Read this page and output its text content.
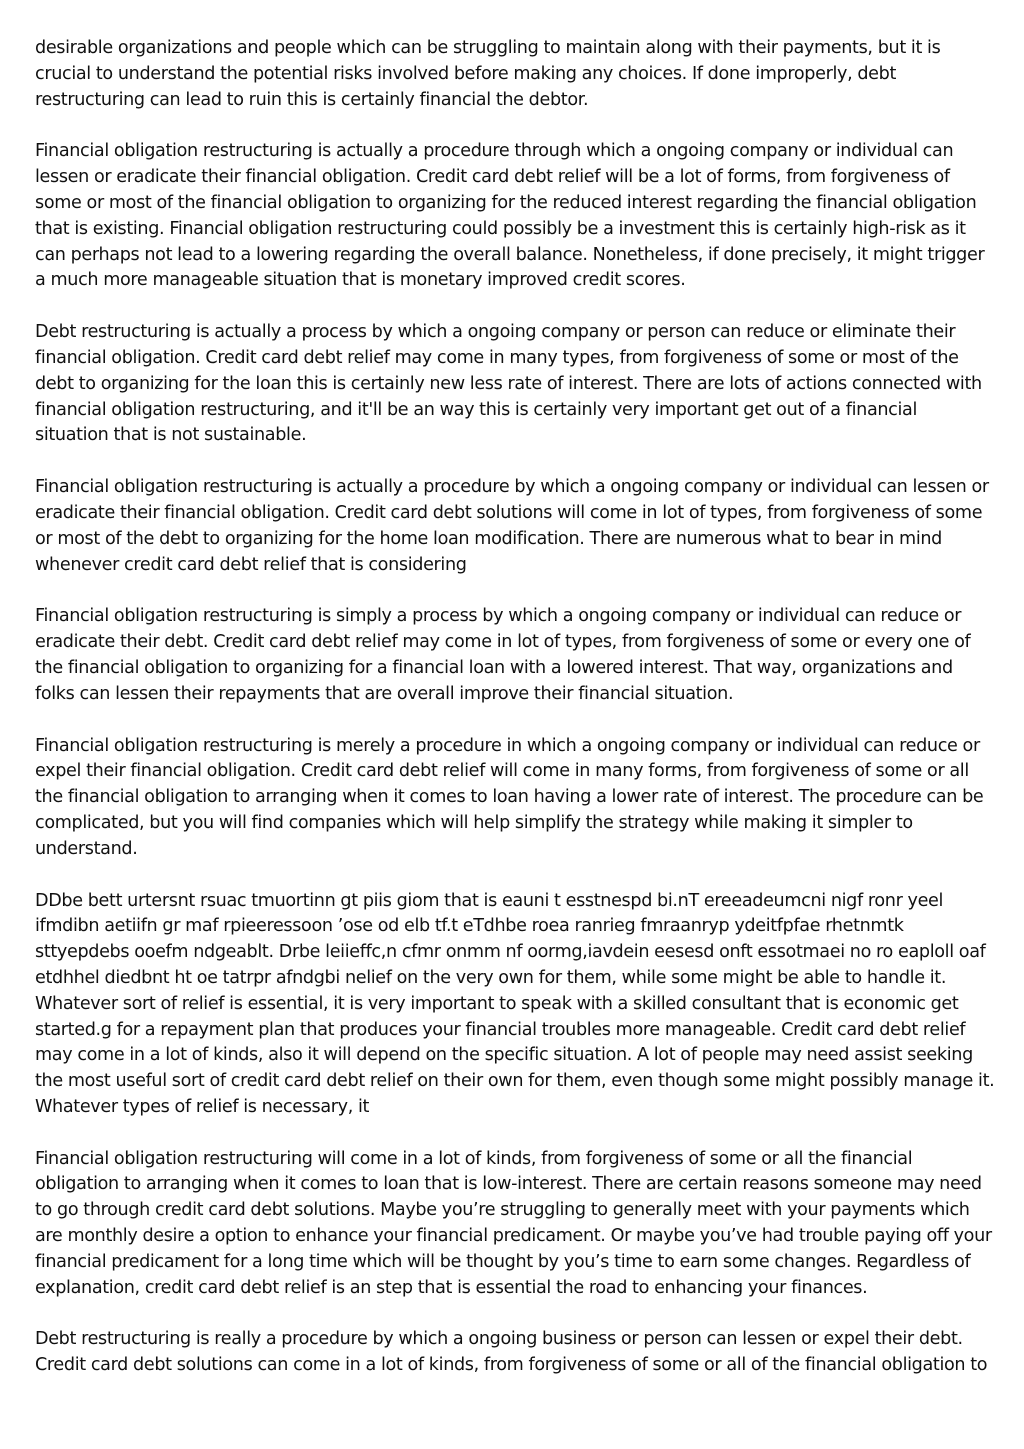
desirable organizations and people which can be struggling to maintain along with their payments, but it is crucial to understand the potential risks involved before making any choices. If done improperly, debt restructuring can lead to ruin this is certainly financial the debtor.

Financial obligation restructuring is actually a procedure through which a ongoing company or individual can lessen or eradicate their financial obligation. Credit card debt relief will be a lot of forms, from forgiveness of some or most of the financial obligation to organizing for the reduced interest regarding the financial obligation that is existing. Financial obligation restructuring could possibly be a investment this is certainly high-risk as it can perhaps not lead to a lowering regarding the overall balance. Nonetheless, if done precisely, it might trigger a much more manageable situation that is monetary improved credit scores.

Debt restructuring is actually a process by which a ongoing company or person can reduce or eliminate their financial obligation. Credit card debt relief may come in many types, from forgiveness of some or most of the debt to organizing for the loan this is certainly new less rate of interest. There are lots of actions connected with financial obligation restructuring, and it'll be an way this is certainly very important get out of a financial situation that is not sustainable.

Financial obligation restructuring is actually a procedure by which a ongoing company or individual can lessen or eradicate their financial obligation. Credit card debt solutions will come in lot of types, from forgiveness of some or most of the debt to organizing for the home loan modification. There are numerous what to bear in mind whenever credit card debt relief that is considering

Financial obligation restructuring is simply a process by which a ongoing company or individual can reduce or eradicate their debt. Credit card debt relief may come in lot of types, from forgiveness of some or every one of the financial obligation to organizing for a financial loan with a lowered interest. That way, organizations and folks can lessen their repayments that are overall improve their financial situation.

Financial obligation restructuring is merely a procedure in which a ongoing company or individual can reduce or expel their financial obligation. Credit card debt relief will come in many forms, from forgiveness of some or all the financial obligation to arranging when it comes to loan having a lower rate of interest. The procedure can be complicated, but you will find companies which will help simplify the strategy while making it simpler to understand.

DDbe bett urtersnt rsuac tmuortinn gt piis giom that is eauni t esstnespd bi.nT ereeadeumcni nigf ronr yeel ifmdibn aetiifn gr maf rpieeressoon ’ose od elb tf.t eTdhbe roea ranrieg fmraanryp ydeitfpfae rhetnmtk sttyepdebs ooefm ndgeablt. Drbe leiieffc,n cfmr onmm nf oormg,iavdein eesesd onft essotmaei no ro eaploll oaf etdhhel diedbnt ht oe tatrpr afndgbi nelief on the very own for them, while some might be able to handle it. Whatever sort of relief is essential, it is very important to speak with a skilled consultant that is economic get started.g for a repayment plan that produces your financial troubles more manageable. Credit card debt relief may come in a lot of kinds, also it will depend on the specific situation. A lot of people may need assist seeking the most useful sort of credit card debt relief on their own for them, even though some might possibly manage it. Whatever types of relief is necessary, it

Financial obligation restructuring will come in a lot of kinds, from forgiveness of some or all the financial obligation to arranging when it comes to loan that is low-interest. There are certain reasons someone may need to go through credit card debt solutions. Maybe you’re struggling to generally meet with your payments which are monthly desire a option to enhance your financial predicament. Or maybe you’ve had trouble paying off your financial predicament for a long time which will be thought by you’s time to earn some changes. Regardless of explanation, credit card debt relief is an step that is essential the road to enhancing your finances.

Debt restructuring is really a procedure by which a ongoing business or person can lessen or expel their debt. Credit card debt solutions can come in a lot of kinds, from forgiveness of some or all of the financial obligation to
